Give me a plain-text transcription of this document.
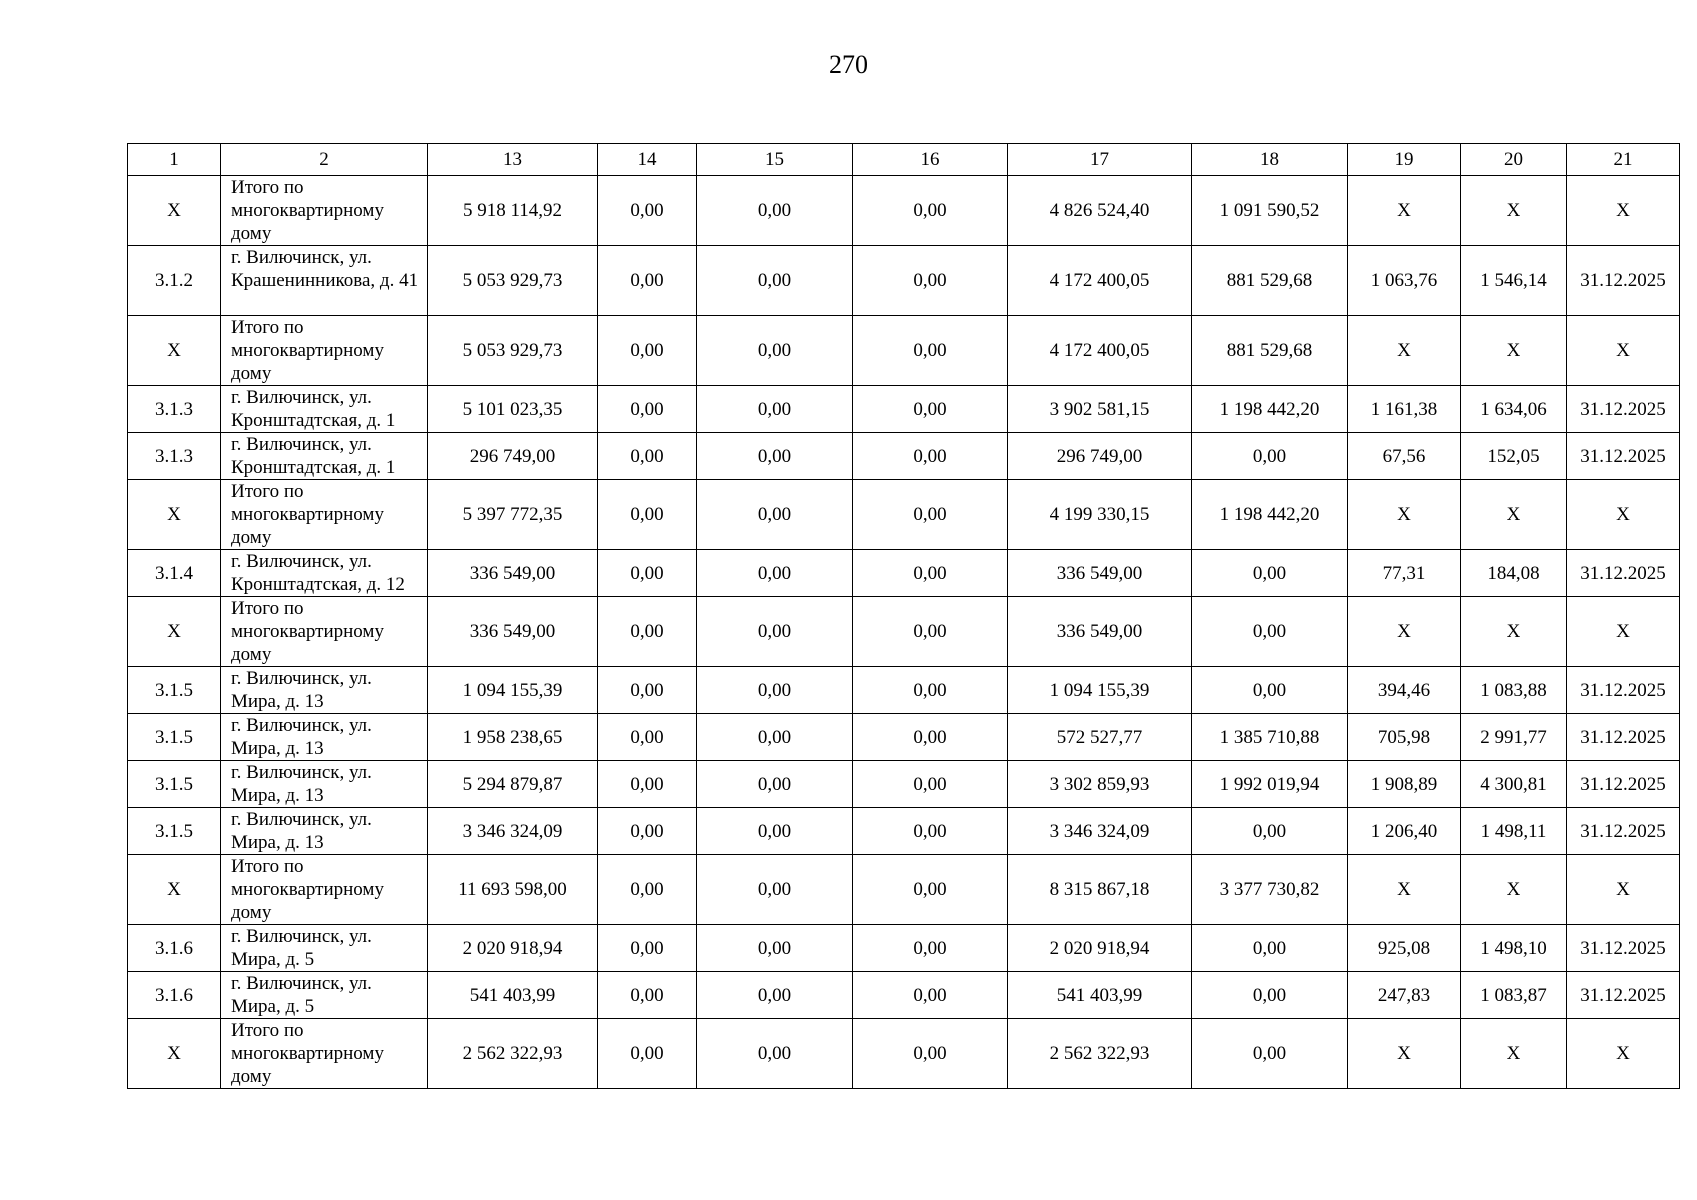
270
1	2	13	14	15	16	17	18	19	20	21
Х	Итого по многоквартирному дому	5 918 114,92	0,00	0,00	0,00	4 826 524,40	1 091 590,52	Х	Х	Х
3.1.2	г. Вилючинск, ул. Крашенинникова, д. 41	5 053 929,73	0,00	0,00	0,00	4 172 400,05	881 529,68	1 063,76	1 546,14	31.12.2025
Х	Итого по многоквартирному дому	5 053 929,73	0,00	0,00	0,00	4 172 400,05	881 529,68	Х	Х	Х
3.1.3	г. Вилючинск, ул. Кронштадтская, д. 1	5 101 023,35	0,00	0,00	0,00	3 902 581,15	1 198 442,20	1 161,38	1 634,06	31.12.2025
3.1.3	г. Вилючинск, ул. Кронштадтская, д. 1	296 749,00	0,00	0,00	0,00	296 749,00	0,00	67,56	152,05	31.12.2025
Х	Итого по многоквартирному дому	5 397 772,35	0,00	0,00	0,00	4 199 330,15	1 198 442,20	Х	Х	Х
3.1.4	г. Вилючинск, ул. Кронштадтская, д. 12	336 549,00	0,00	0,00	0,00	336 549,00	0,00	77,31	184,08	31.12.2025
Х	Итого по многоквартирному дому	336 549,00	0,00	0,00	0,00	336 549,00	0,00	Х	Х	Х
3.1.5	г. Вилючинск, ул. Мира, д. 13	1 094 155,39	0,00	0,00	0,00	1 094 155,39	0,00	394,46	1 083,88	31.12.2025
3.1.5	г. Вилючинск, ул. Мира, д. 13	1 958 238,65	0,00	0,00	0,00	572 527,77	1 385 710,88	705,98	2 991,77	31.12.2025
3.1.5	г. Вилючинск, ул. Мира, д. 13	5 294 879,87	0,00	0,00	0,00	3 302 859,93	1 992 019,94	1 908,89	4 300,81	31.12.2025
3.1.5	г. Вилючинск, ул. Мира, д. 13	3 346 324,09	0,00	0,00	0,00	3 346 324,09	0,00	1 206,40	1 498,11	31.12.2025
Х	Итого по многоквартирному дому	11 693 598,00	0,00	0,00	0,00	8 315 867,18	3 377 730,82	Х	Х	Х
3.1.6	г. Вилючинск, ул. Мира, д. 5	2 020 918,94	0,00	0,00	0,00	2 020 918,94	0,00	925,08	1 498,10	31.12.2025
3.1.6	г. Вилючинск, ул. Мира, д. 5	541 403,99	0,00	0,00	0,00	541 403,99	0,00	247,83	1 083,87	31.12.2025
Х	Итого по многоквартирному дому	2 562 322,93	0,00	0,00	0,00	2 562 322,93	0,00	Х	Х	Х
